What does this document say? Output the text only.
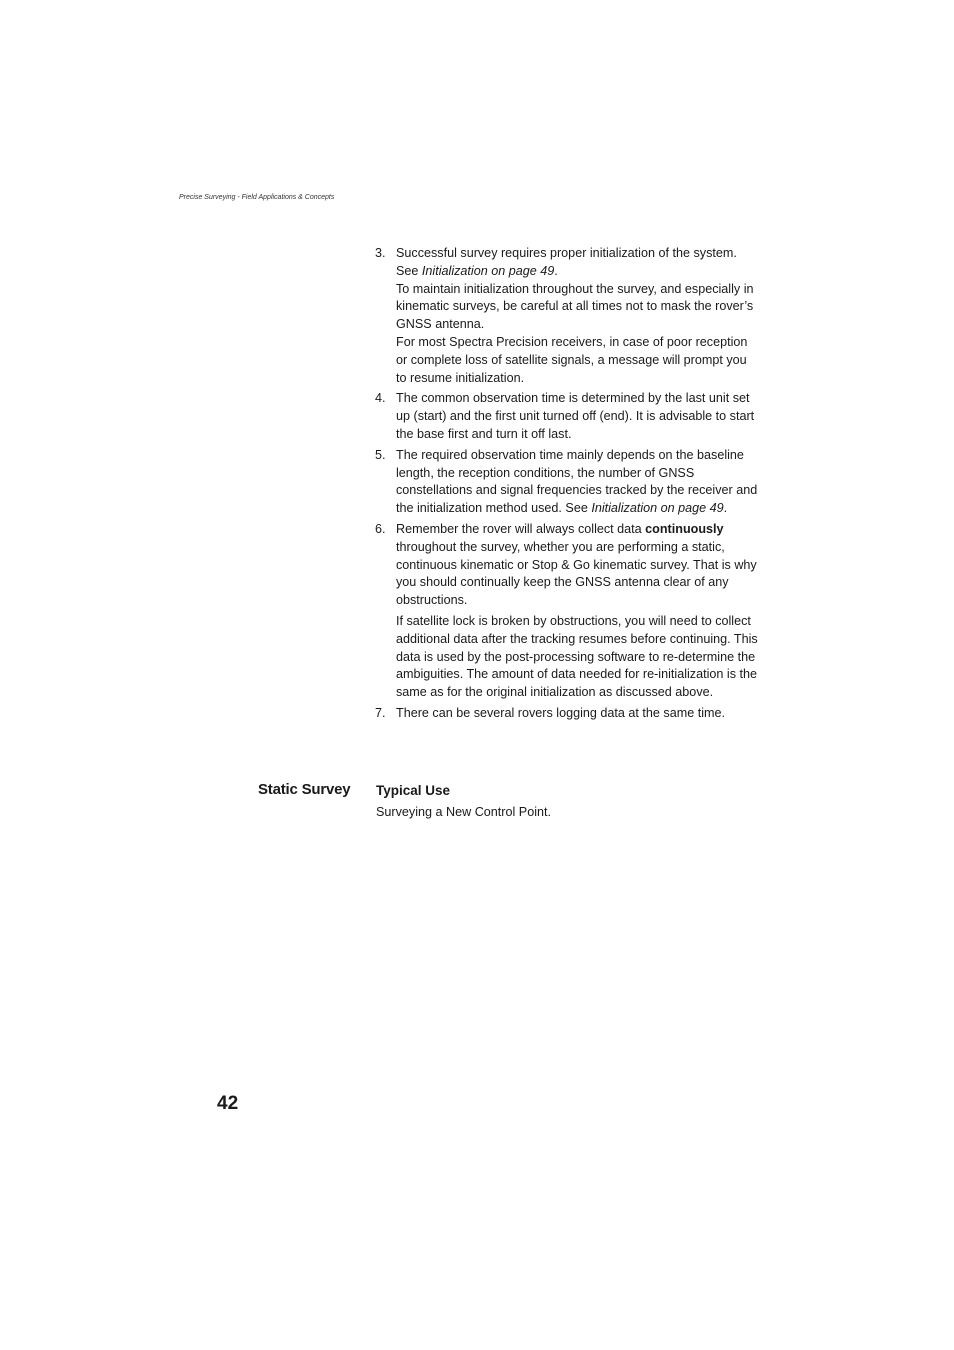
Precise Surveying - Field Applications & Concepts
3. Successful survey requires proper initialization of the system. See Initialization on page 49.

To maintain initialization throughout the survey, and especially in kinematic surveys, be careful at all times not to mask the rover’s GNSS antenna.

For most Spectra Precision receivers, in case of poor reception or complete loss of satellite signals, a message will prompt you to resume initialization.

4. The common observation time is determined by the last unit set up (start) and the first unit turned off (end). It is advisable to start the base first and turn it off last.

5. The required observation time mainly depends on the baseline length, the reception conditions, the number of GNSS constellations and signal frequencies tracked by the receiver and the initialization method used. See Initialization on page 49.

6. Remember the rover will always collect data continuously throughout the survey, whether you are performing a static, continuous kinematic or Stop & Go kinematic survey. That is why you should continually keep the GNSS antenna clear of any obstructions.

If satellite lock is broken by obstructions, you will need to collect additional data after the tracking resumes before continuing. This data is used by the post-processing software to re-determine the ambiguities. The amount of data needed for re-initialization is the same as for the original initialization as discussed above.

7. There can be several rovers logging data at the same time.

Static Survey Typical Use
Surveying a New Control Point.
42
